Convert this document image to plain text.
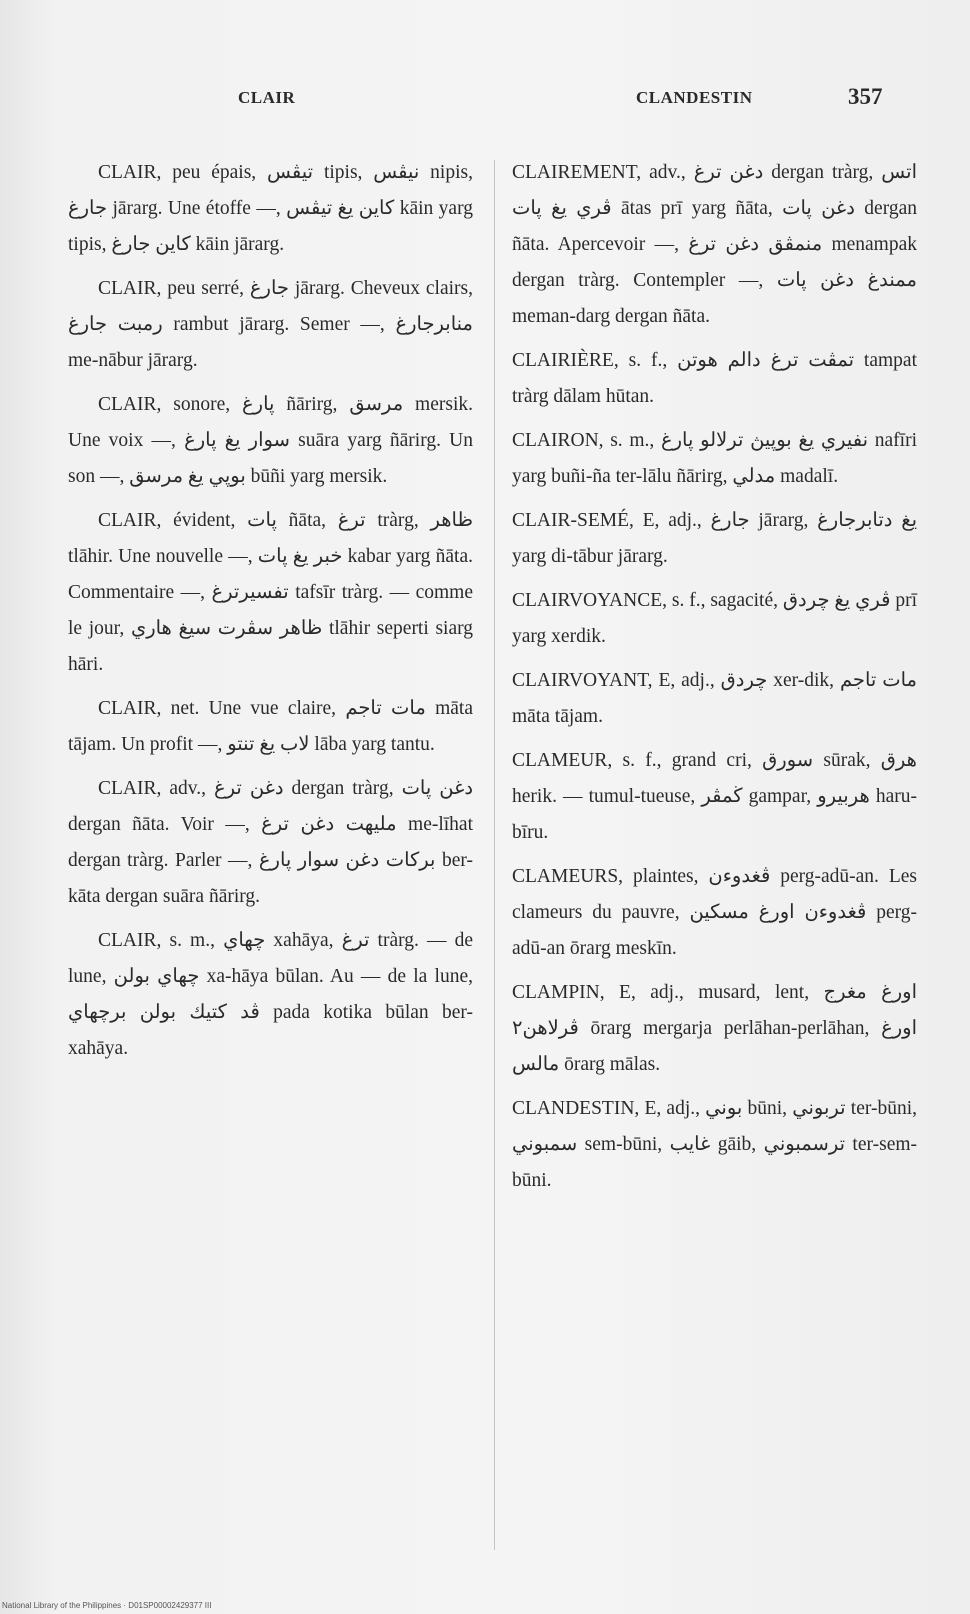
CLAIR	CLANDESTIN	357

CLAIR, peu épais, تيڤس tipis, نيڤس nipis, جارغ jārarg. Une étoffe —, كاين يغ تيڤس kāin yarg tipis, كاين جارغ kāin jārarg.

CLAIR, peu serré, جارغ jārarg. Cheveux clairs, رمبت جارغ rambut jārarg. Semer —, منابرجارغ me-nābur jārarg.

CLAIR, sonore, ڽارغ ñārirg, مرسق mersik. Une voix —, سوار يغ ڽارغ suāra yarg ñārirg. Un son —, بوڽي يغ مرسق būñi yarg mersik.

CLAIR, évident, ڽات ñāta, ترغ tràrg, ظاهر tlāhir. Une nouvelle —, خبر يغ ڽات kabar yarg ñāta. Commentaire —, تفسيرترغ tafsīr tràrg. — comme le jour, ظاهر سڤرت سيغ هاري tlāhir seperti siarg hāri.

CLAIR, net. Une vue claire, مات تاجم māta tājam. Un profit —, لاب يغ تنتو lāba yarg tantu.

CLAIR, adv., دغن ترغ dergan tràrg, دغن ڽات dergan ñāta. Voir —, مليهت دغن ترغ me-līhat dergan tràrg. Parler —, بركات دغن سوار ڽارغ ber-kāta dergan suāra ñārirg.

CLAIR, s. m., چهاي xahāya, ترغ tràrg. — de lune, چهاي بولن xa-hāya būlan. Au — de la lune, ڤد كتيك بولن برچهاي pada kotika būlan ber-xahāya.

CLAIREMENT, adv., دغن ترغ dergan tràrg, اتس ڤري يغ ڽات ātas prī yarg ñāta, دغن ڽات dergan ñāta. Apercevoir —, منمڤق دغن ترغ menampak dergan tràrg. Contempler —, ممندغ دغن ڽات meman-darg dergan ñāta.

CLAIRIÈRE, s. f., تمڤت ترغ دالم هوتن tampat tràrg dālam hūtan.

CLAIRON, s. m., نفيري يغ بوڽيڽ ترلالو ڽارغ nafīri yarg buñi-ña ter-lālu ñārirg, مدلي madalī.

CLAIR-SEMÉ, E, adj., جارغ jārarg, يغ دتابرجارغ yarg di-tābur jārarg.

CLAIRVOYANCE, s. f., sagacité, ڤري يغ چردق prī yarg xerdik.

CLAIRVOYANT, E, adj., چردق xer-dik, مات تاجم māta tājam.

CLAMEUR, s. f., grand cri, سورق sūrak, هرق herik. — tumul-tueuse, ڬمڤر gampar, هربيرو haru-bīru.

CLAMEURS, plaintes, ڤغدوءن perg-adū-an. Les clameurs du pauvre, ڤغدوءن اورغ مسكين perg-adū-an ōrarg meskīn.

CLAMPIN, E, adj., musard, lent, اورغ مغرج ڤرلاهن٢ ōrarg mergarja perlāhan-perlāhan, اورغ مالس ōrarg mālas.

CLANDESTIN, E, adj., بوني būni, تربوني ter-būni, سمبوني sem-būni, غايب gāib, ترسمبوني ter-sem-būni.

National Library of the Philippines · D01SP00002429377 III
